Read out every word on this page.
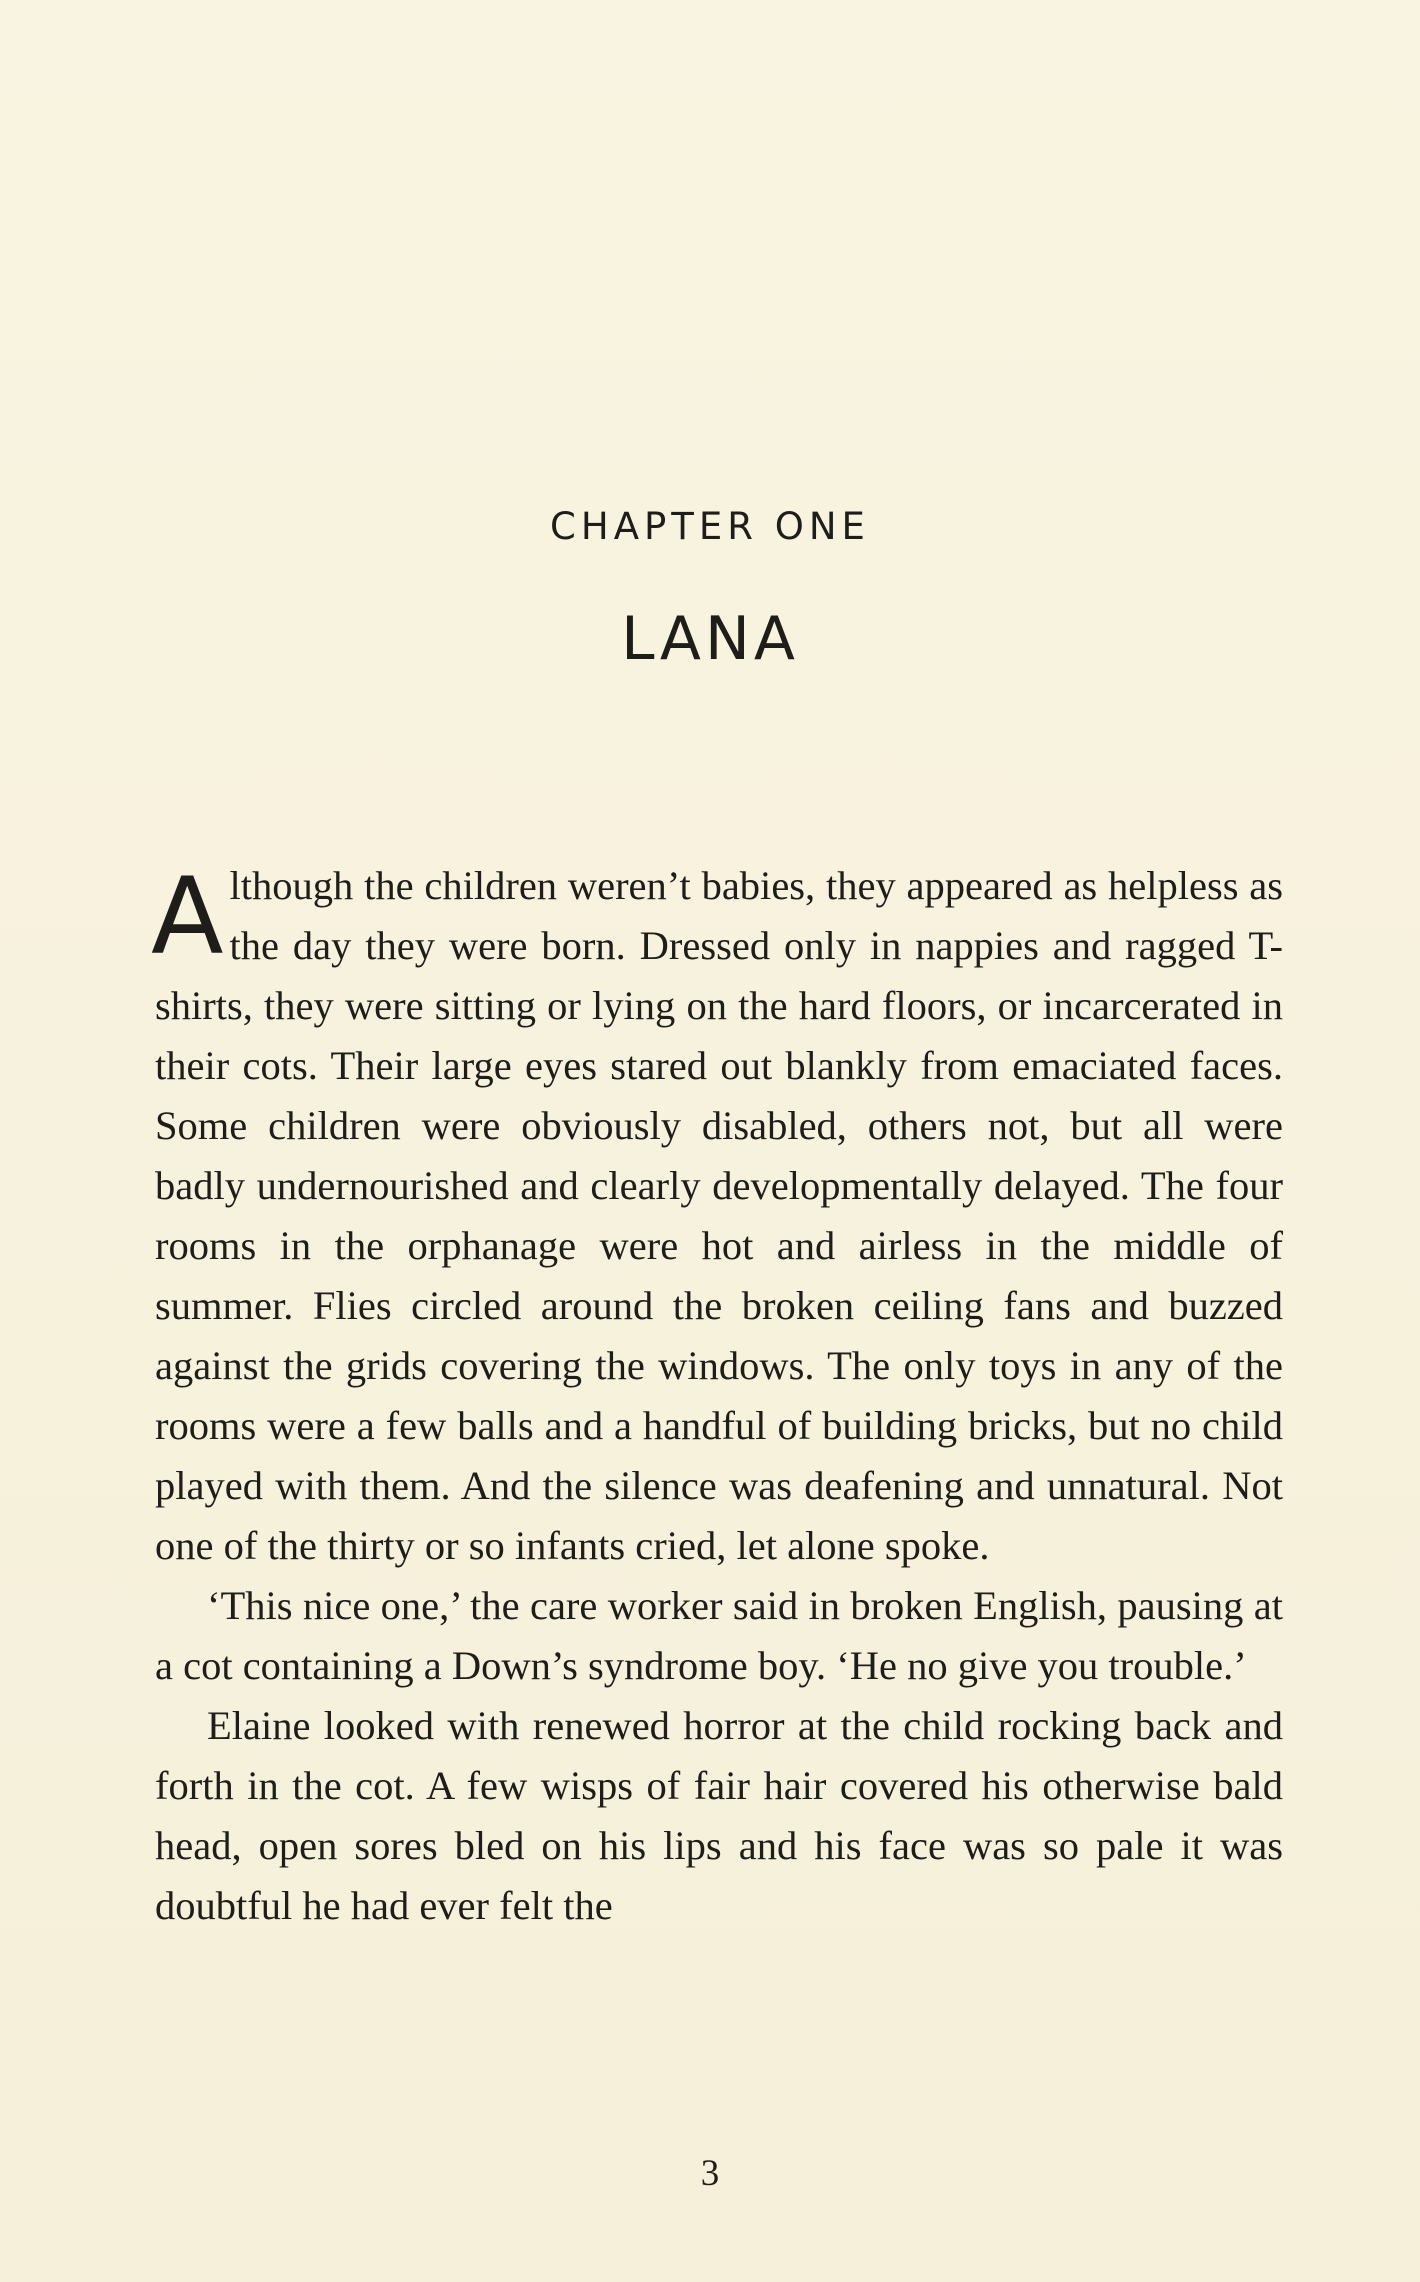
CHAPTER ONE
LANA

Although the children weren’t babies, they appeared as helpless as the day they were born. Dressed only in nappies and ragged T-shirts, they were sitting or lying on the hard floors, or incarcerated in their cots. Their large eyes stared out blankly from emaciated faces. Some children were obviously disabled, others not, but all were badly undernourished and clearly developmentally delayed. The four rooms in the orphanage were hot and airless in the middle of summer. Flies circled around the broken ceiling fans and buzzed against the grids covering the windows. The only toys in any of the rooms were a few balls and a handful of building bricks, but no child played with them. And the silence was deafening and unnatural. Not one of the thirty or so infants cried, let alone spoke.

‘This nice one,’ the care worker said in broken English, pausing at a cot containing a Down’s syndrome boy. ‘He no give you trouble.’

Elaine looked with renewed horror at the child rocking back and forth in the cot. A few wisps of fair hair covered his otherwise bald head, open sores bled on his lips and his face was so pale it was doubtful he had ever felt the

3
